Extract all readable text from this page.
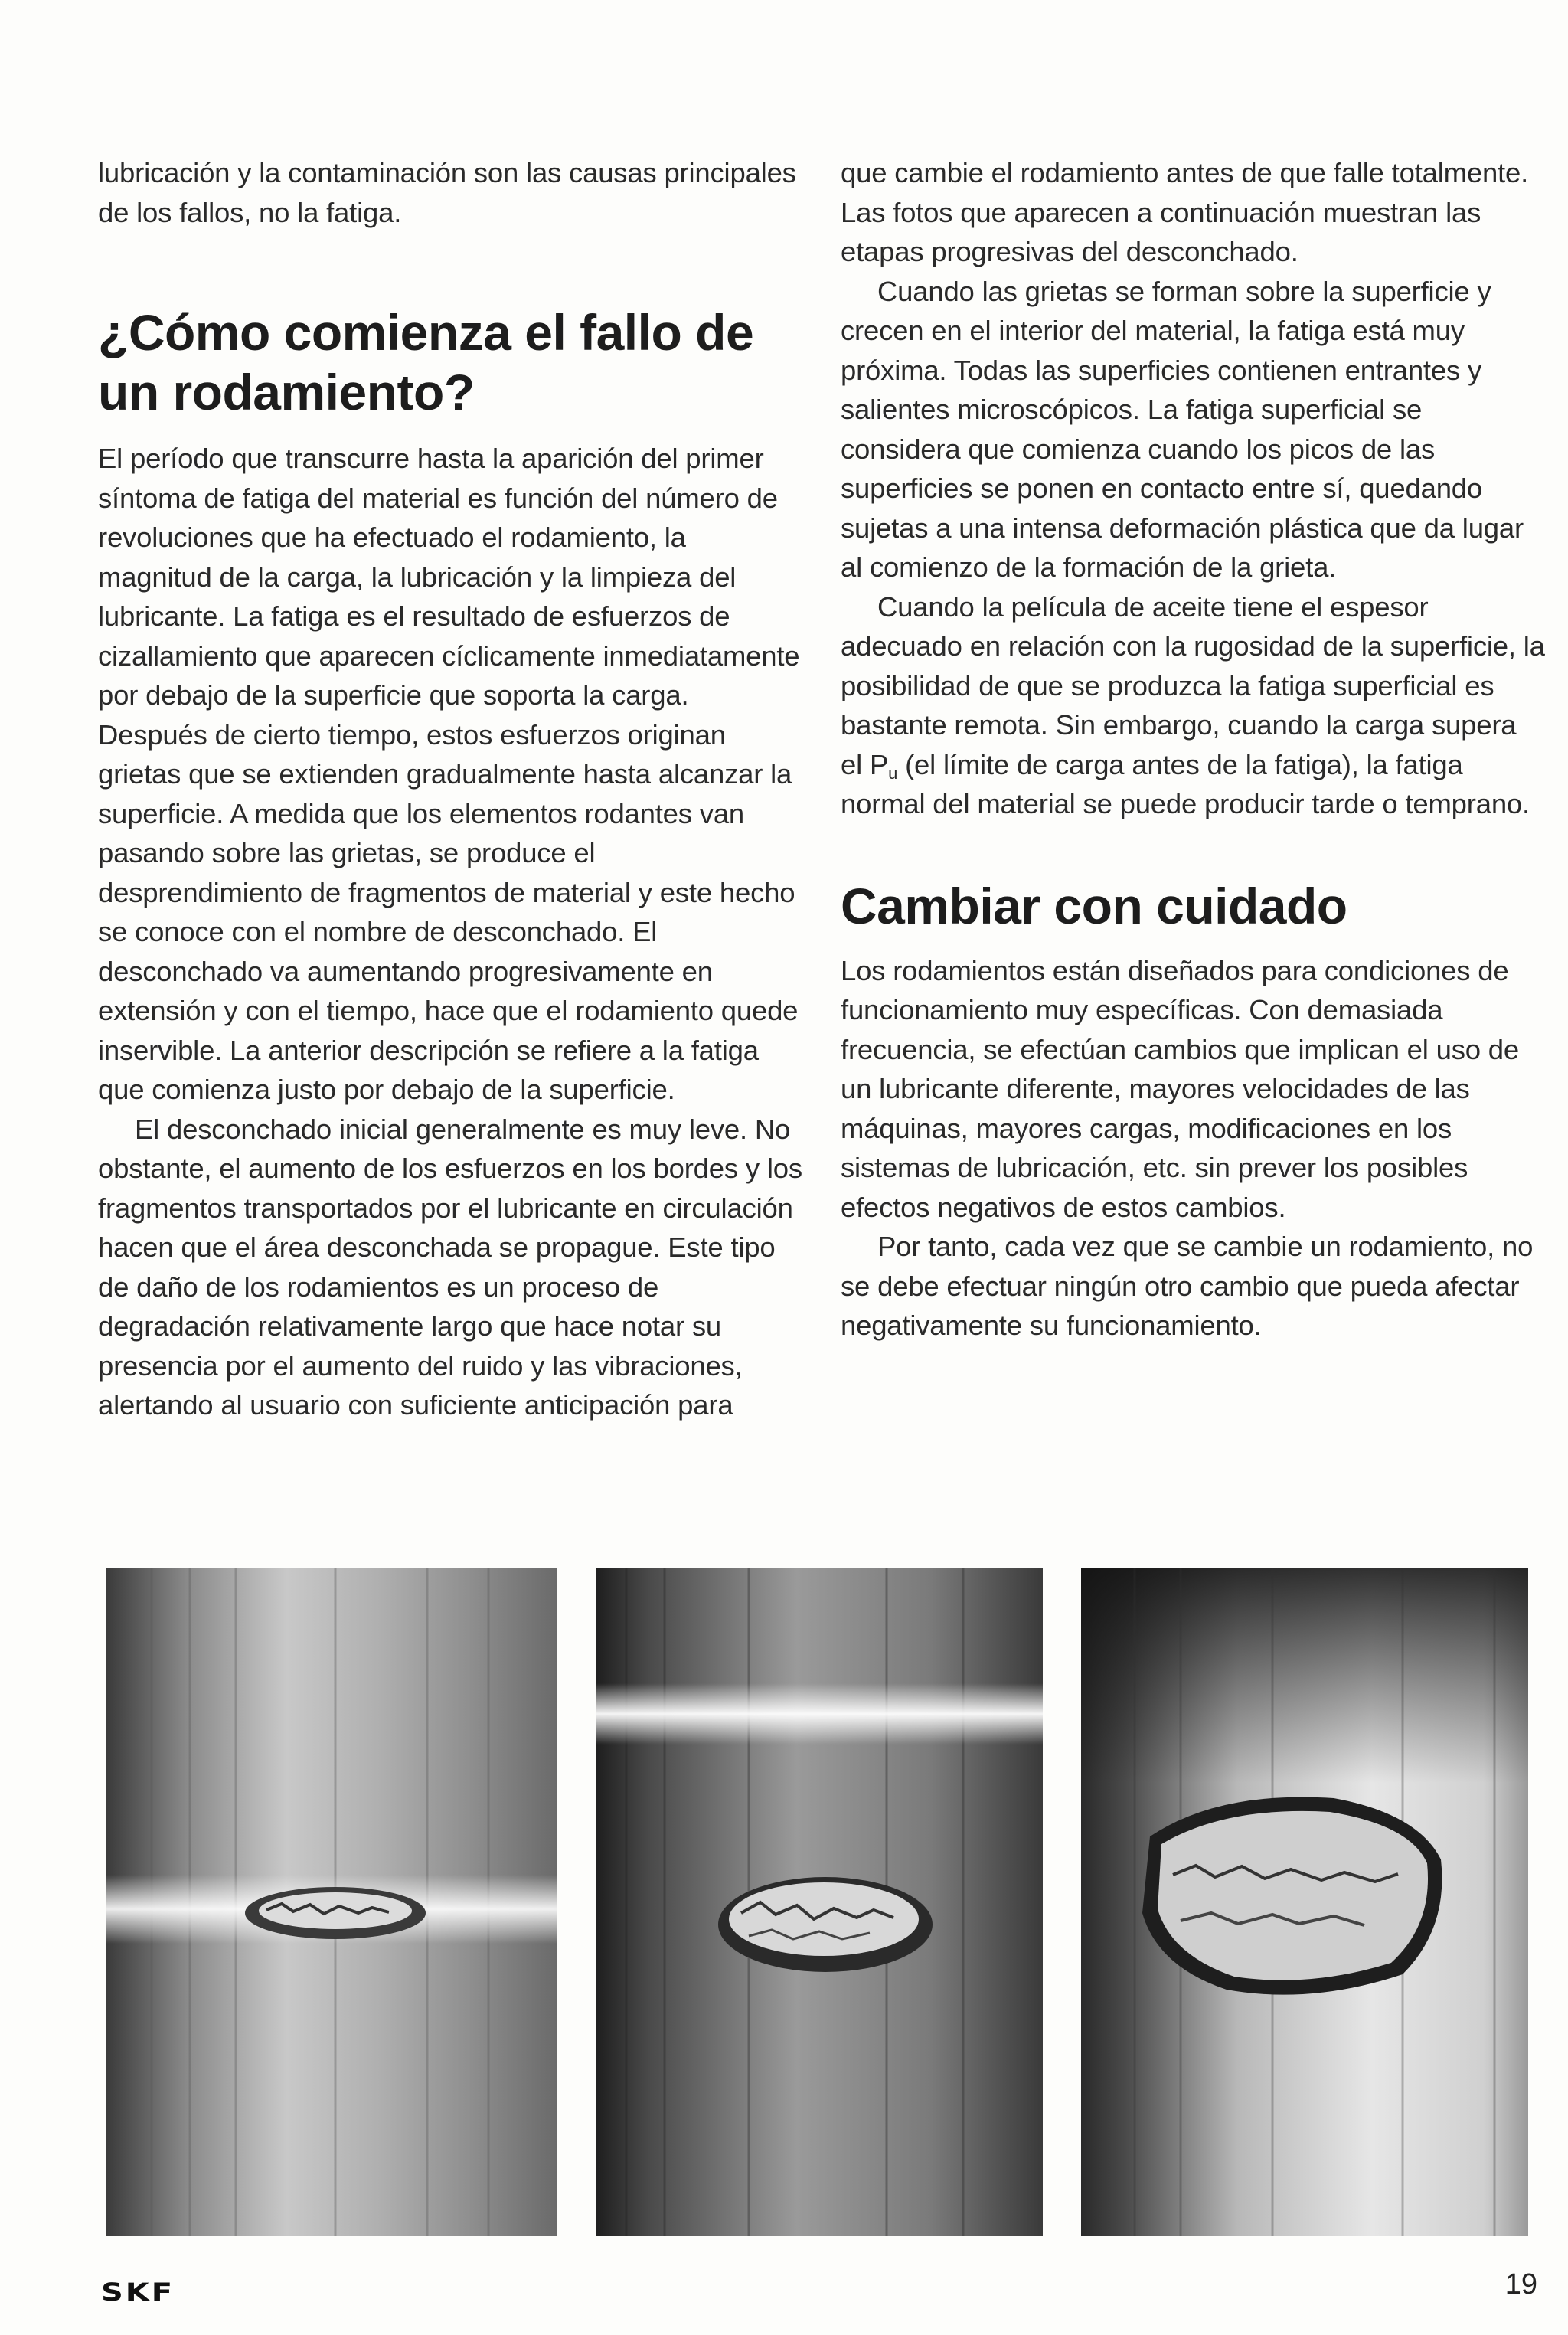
lubricación y la contaminación son las causas principales de los fallos, no la fatiga.

¿Cómo comienza el fallo de un rodamiento?

El período que transcurre hasta la aparición del primer síntoma de fatiga del material es función del número de revoluciones que ha efectuado el rodamiento, la magnitud de la carga, la lubricación y la limpieza del lubricante. La fatiga es el resultado de esfuerzos de cizallamiento que aparecen cíclicamente inmediatamente por debajo de la superficie que soporta la carga. Después de cierto tiempo, estos esfuerzos originan grietas que se extienden gradualmente hasta alcanzar la superficie. A medida que los elementos rodantes van pasando sobre las grietas, se produce el desprendimiento de fragmentos de material y este hecho se conoce con el nombre de desconchado. El desconchado va aumentando progresivamente en extensión y con el tiempo, hace que el rodamiento quede inservible. La anterior descripción se refiere a la fatiga que comienza justo por debajo de la superficie.

El desconchado inicial generalmente es muy leve. No obstante, el aumento de los esfuerzos en los bordes y los fragmentos transportados por el lubricante en circulación hacen que el área desconchada se propague. Este tipo de daño de los rodamientos es un proceso de degradación relativamente largo que hace notar su presencia por el aumento del ruido y las vibraciones, alertando al usuario con suficiente anticipación para

que cambie el rodamiento antes de que falle totalmente. Las fotos que aparecen a continuación muestran las etapas progresivas del desconchado.

Cuando las grietas se forman sobre la superficie y crecen en el interior del material, la fatiga está muy próxima. Todas las superficies contienen entrantes y salientes microscópicos. La fatiga superficial se considera que comienza cuando los picos de las superficies se ponen en contacto entre sí, quedando sujetas a una intensa deformación plástica que da lugar al comienzo de la formación de la grieta.

Cuando la película de aceite tiene el espesor adecuado en relación con la rugosidad de la superficie, la posibilidad de que se produzca la fatiga superficial es bastante remota. Sin embargo, cuando la carga supera el $P_u$ (el límite de carga antes de la fatiga), la fatiga normal del material se puede producir tarde o temprano.

Cambiar con cuidado

Los rodamientos están diseñados para condiciones de funcionamiento muy específicas. Con demasiada frecuencia, se efectúan cambios que implican el uso de un lubricante diferente, mayores velocidades de las máquinas, mayores cargas, modificaciones en los sistemas de lubricación, etc. sin prever los posibles efectos negativos de estos cambios.

Por tanto, cada vez que se cambie un rodamiento, no se debe efectuar ningún otro cambio que pueda afectar negativamente su funcionamiento.

SKF	19
